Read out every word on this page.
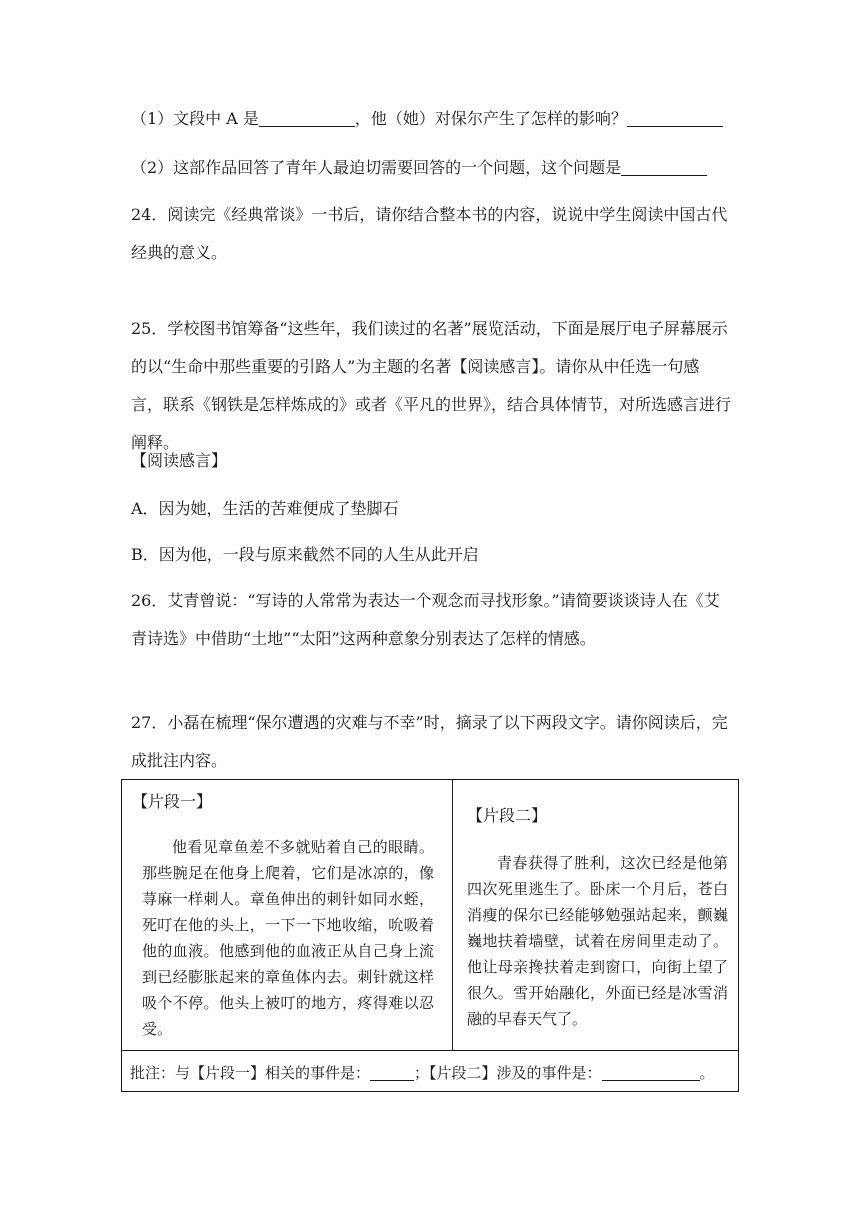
（1）文段中 A 是	，他（她）对保尔产生了怎样的影响？
（2）这部作品回答了青年人最迫切需要回答的一个问题，这个问题是
24．阅读完《经典常谈》一书后，请你结合整本书的内容，说说中学生阅读中国古代经典的意义。
25．学校图书馆筹备“这些年，我们读过的名著”展览活动，下面是展厅电子屏幕展示的以“生命中那些重要的引路人”为主题的名著【阅读感言】。请你从中任选一句感言，联系《钢铁是怎样炼成的》或者《平凡的世界》，结合具体情节，对所选感言进行阐释。
【阅读感言】
A．因为她，生活的苦难便成了垫脚石
B．因为他，一段与原来截然不同的人生从此开启
26．艾青曾说：“写诗的人常常为表达一个观念而寻找形象。”请简要谈谈诗人在《艾青诗选》中借助“土地”“太阳”这两种意象分别表达了怎样的情感。
27．小磊在梳理“保尔遭遇的灾难与不幸”时，摘录了以下两段文字。请你阅读后，完成批注内容。
【片段一】
他看见章鱼差不多就贴着自己的眼睛。那些腕足在他身上爬着，它们是冰凉的，像荨麻一样刺人。章鱼伸出的刺针如同水蛭，死叮在他的头上，一下一下地收缩，吮吸着他的血液。他感到他的血液正从自己身上流到已经膨胀起来的章鱼体内去。刺针就这样吸个不停。他头上被叮的地方，疼得难以忍受。

【片段二】
青春获得了胜利，这次已经是他第四次死里逃生了。卧床一个月后，苍白消瘦的保尔已经能够勉强站起来，颤巍巍地扶着墙壁，试着在房间里走动了。他让母亲搀扶着走到窗口，向街上望了很久。雪开始融化，外面已经是冰雪消融的早春天气了。

批注：与【片段一】相关的事件是：	；【片段二】涉及的事件是：	。
